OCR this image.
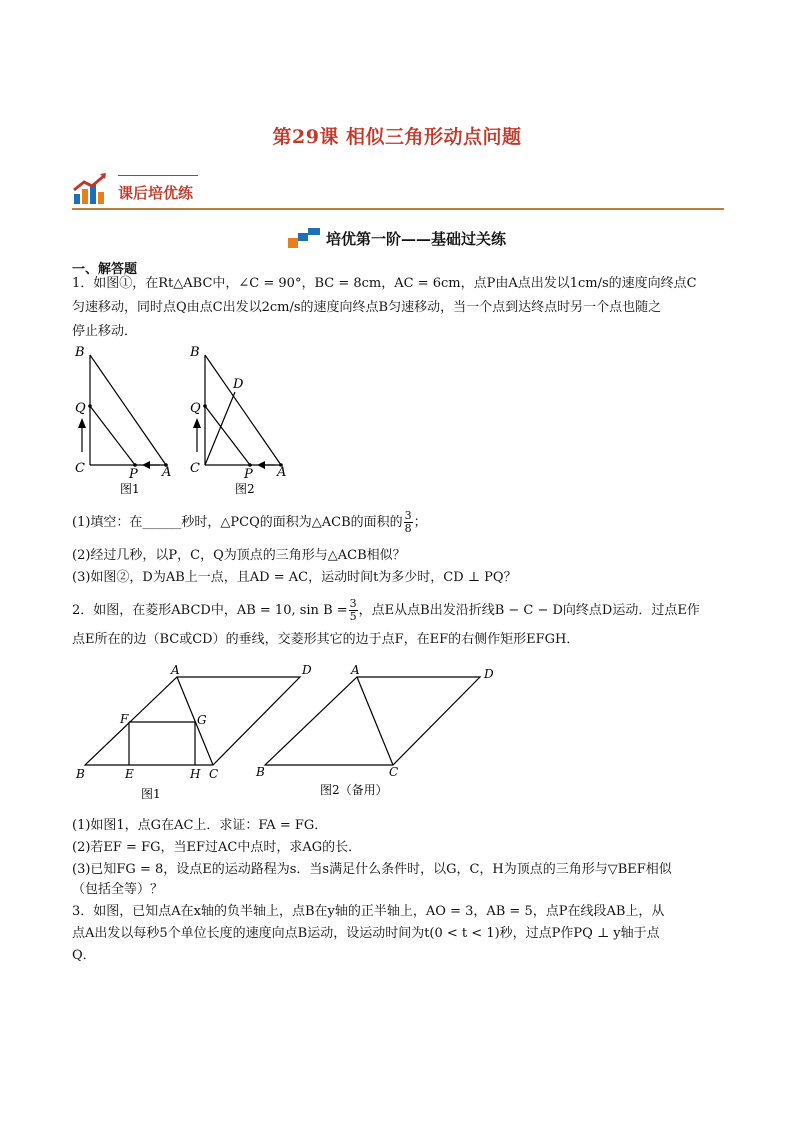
第29课 相似三角形动点问题
课后培优练
培优第一阶——基础过关练
一、解答题
1．如图①，在Rt△ABC中，∠C = 90°，BC = 8cm，AC = 6cm，点P由A点出发以1cm/s的速度向终点C
匀速移动，同时点Q由点C出发以2cm/s的速度向终点B匀速移动，当一个点到达终点时另一个点也随之
停止移动．
B
Q
C	P A
图1
B
D
Q
C	P A
图2
(1)填空：在______秒时，△PCQ的面积为△ACB的面积的 $\frac{3}{8}$ ；
(2)经过几秒，以P，C，Q为顶点的三角形与△ACB相似？
(3)如图②，D为AB上一点，且AD = AC，运动时间t为多少时，CD ⊥ PQ？
2．如图，在菱形ABCD中，AB = 10, $\sin B = \frac{3}{5}$ ，点E从点B出发沿折线B − C − D向终点D运动．过点E作
点E所在的边（BC或CD）的垂线，交菱形其它的边于点F，在EF的右侧作矩形EFGH．
B	E	H C
F	G
A	D
图1
B	C
A	D
图2（备用）
(1)如图1，点G在AC上．求证：FA = FG．
(2)若EF = FG，当EF过AC中点时，求AG的长．
(3)已知FG = 8，设点E的运动路程为s．当s满足什么条件时，以G，C，H为顶点的三角形与▽BEF相似
（包括全等）？
3．如图，已知点A在x轴的负半轴上，点B在y轴的正半轴上，AO = 3，AB = 5，点P在线段AB上，从
点A出发以每秒5个单位长度的速度向点B运动，设运动时间为t(0 < t < 1)秒，过点P作PQ ⊥ y轴于点
Q．
